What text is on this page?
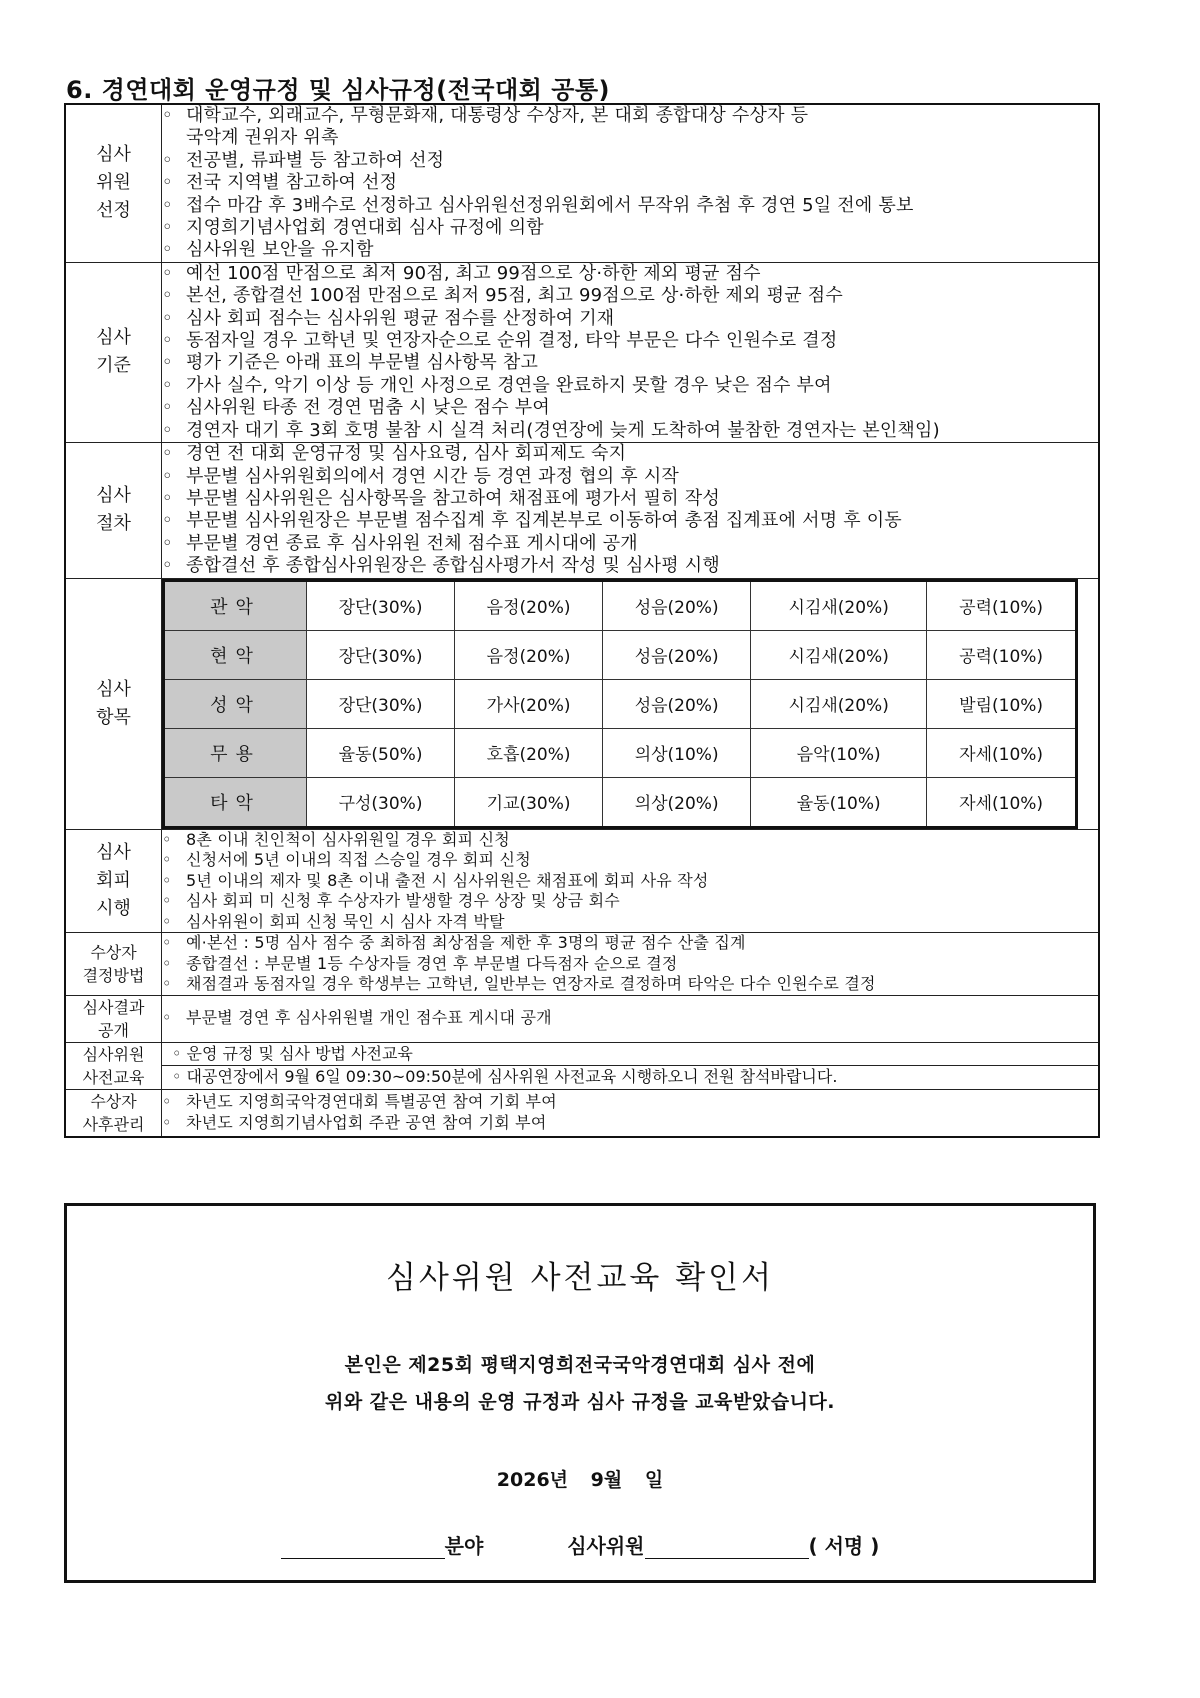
6. 경연대회 운영규정 및 심사규정(전국대회 공통)
심사
위원
선정	
◦ 대학교수, 외래교수, 무형문화재, 대통령상 수상자, 본 대회 종합대상 수상자 등
국악계 권위자 위촉
◦ 전공별, 류파별 등 참고하여 선정
◦ 전국 지역별 참고하여 선정
◦ 접수 마감 후 3배수로 선정하고 심사위원선정위원회에서 무작위 추첨 후 경연 5일 전에 통보
◦ 지영희기념사업회 경연대회 심사 규정에 의함
◦ 심사위원 보안을 유지함

심사
기준	
◦ 예선 100점 만점으로 최저 90점, 최고 99점으로 상·하한 제외 평균 점수
◦ 본선, 종합결선 100점 만점으로 최저 95점, 최고 99점으로 상·하한 제외 평균 점수
◦ 심사 회피 점수는 심사위원 평균 점수를 산정하여 기재
◦ 동점자일 경우 고학년 및 연장자순으로 순위 결정, 타악 부문은 다수 인원수로 결정
◦ 평가 기준은 아래 표의 부문별 심사항목 참고
◦ 가사 실수, 악기 이상 등 개인 사정으로 경연을 완료하지 못할 경우 낮은 점수 부여
◦ 심사위원 타종 전 경연 멈춤 시 낮은 점수 부여
◦ 경연자 대기 후 3회 호명 불참 시 실격 처리(경연장에 늦게 도착하여 불참한 경연자는 본인책임)

심사
절차	
◦ 경연 전 대회 운영규정 및 심사요령, 심사 회피제도 숙지
◦ 부문별 심사위원회의에서 경연 시간 등 경연 과정 협의 후 시작
◦ 부문별 심사위원은 심사항목을 참고하여 채점표에 평가서 필히 작성
◦ 부문별 심사위원장은 부문별 점수집계 후 집계본부로 이동하여 총점 집계표에 서명 후 이동
◦ 부문별 경연 종료 후 심사위원 전체 점수표 게시대에 공개
◦ 종합결선 후 종합심사위원장은 종합심사평가서 작성 및 심사평 시행

심사
항목	
관악	장단(30%)	음정(20%)	성음(20%)	시김새(20%)	공력(10%)
현악	장단(30%)	음정(20%)	성음(20%)	시김새(20%)	공력(10%)
성악	장단(30%)	가사(20%)	성음(20%)	시김새(20%)	발림(10%)
무용	율동(50%)	호흡(20%)	의상(10%)	음악(10%)	자세(10%)
타악	구성(30%)	기교(30%)	의상(20%)	율동(10%)	자세(10%)

심사
회피
시행	
◦ 8촌 이내 친인척이 심사위원일 경우 회피 신청
◦ 신청서에 5년 이내의 직접 스승일 경우 회피 신청
◦ 5년 이내의 제자 및 8촌 이내 출전 시 심사위원은 채점표에 회피 사유 작성
◦ 심사 회피 미 신청 후 수상자가 발생할 경우 상장 및 상금 회수
◦ 심사위원이 회피 신청 묵인 시 심사 자격 박탈

수상자
결정방법	
◦ 예·본선 : 5명 심사 점수 중 최하점 최상점을 제한 후 3명의 평균 점수 산출 집계
◦ 종합결선 : 부문별 1등 수상자들 경연 후 부문별 다득점자 순으로 결정
◦ 채점결과 동점자일 경우 학생부는 고학년, 일반부는 연장자로 결정하며 타악은 다수 인원수로 결정

심사결과
공개	
◦ 부문별 경연 후 심사위원별 개인 점수표 게시대 공개

심사위원
사전교육	
◦ 운영 규정 및 심사 방법 사전교육
◦ 대공연장에서 9월 6일 09:30~09:50분에 심사위원 사전교육 시행하오니 전원 참석바랍니다.

수상자
사후관리	
◦ 차년도 지영희국악경연대회 특별공연 참여 기회 부여
◦ 차년도 지영희기념사업회 주관 공연 참여 기회 부여
심사위원 사전교육 확인서
본인은 제25회 평택지영희전국국악경연대회 심사 전에
위와 같은 내용의 운영 규정과 심사 규정을 교육받았습니다.
2026년 9월 일
분야	심사위원	( 서명 )
